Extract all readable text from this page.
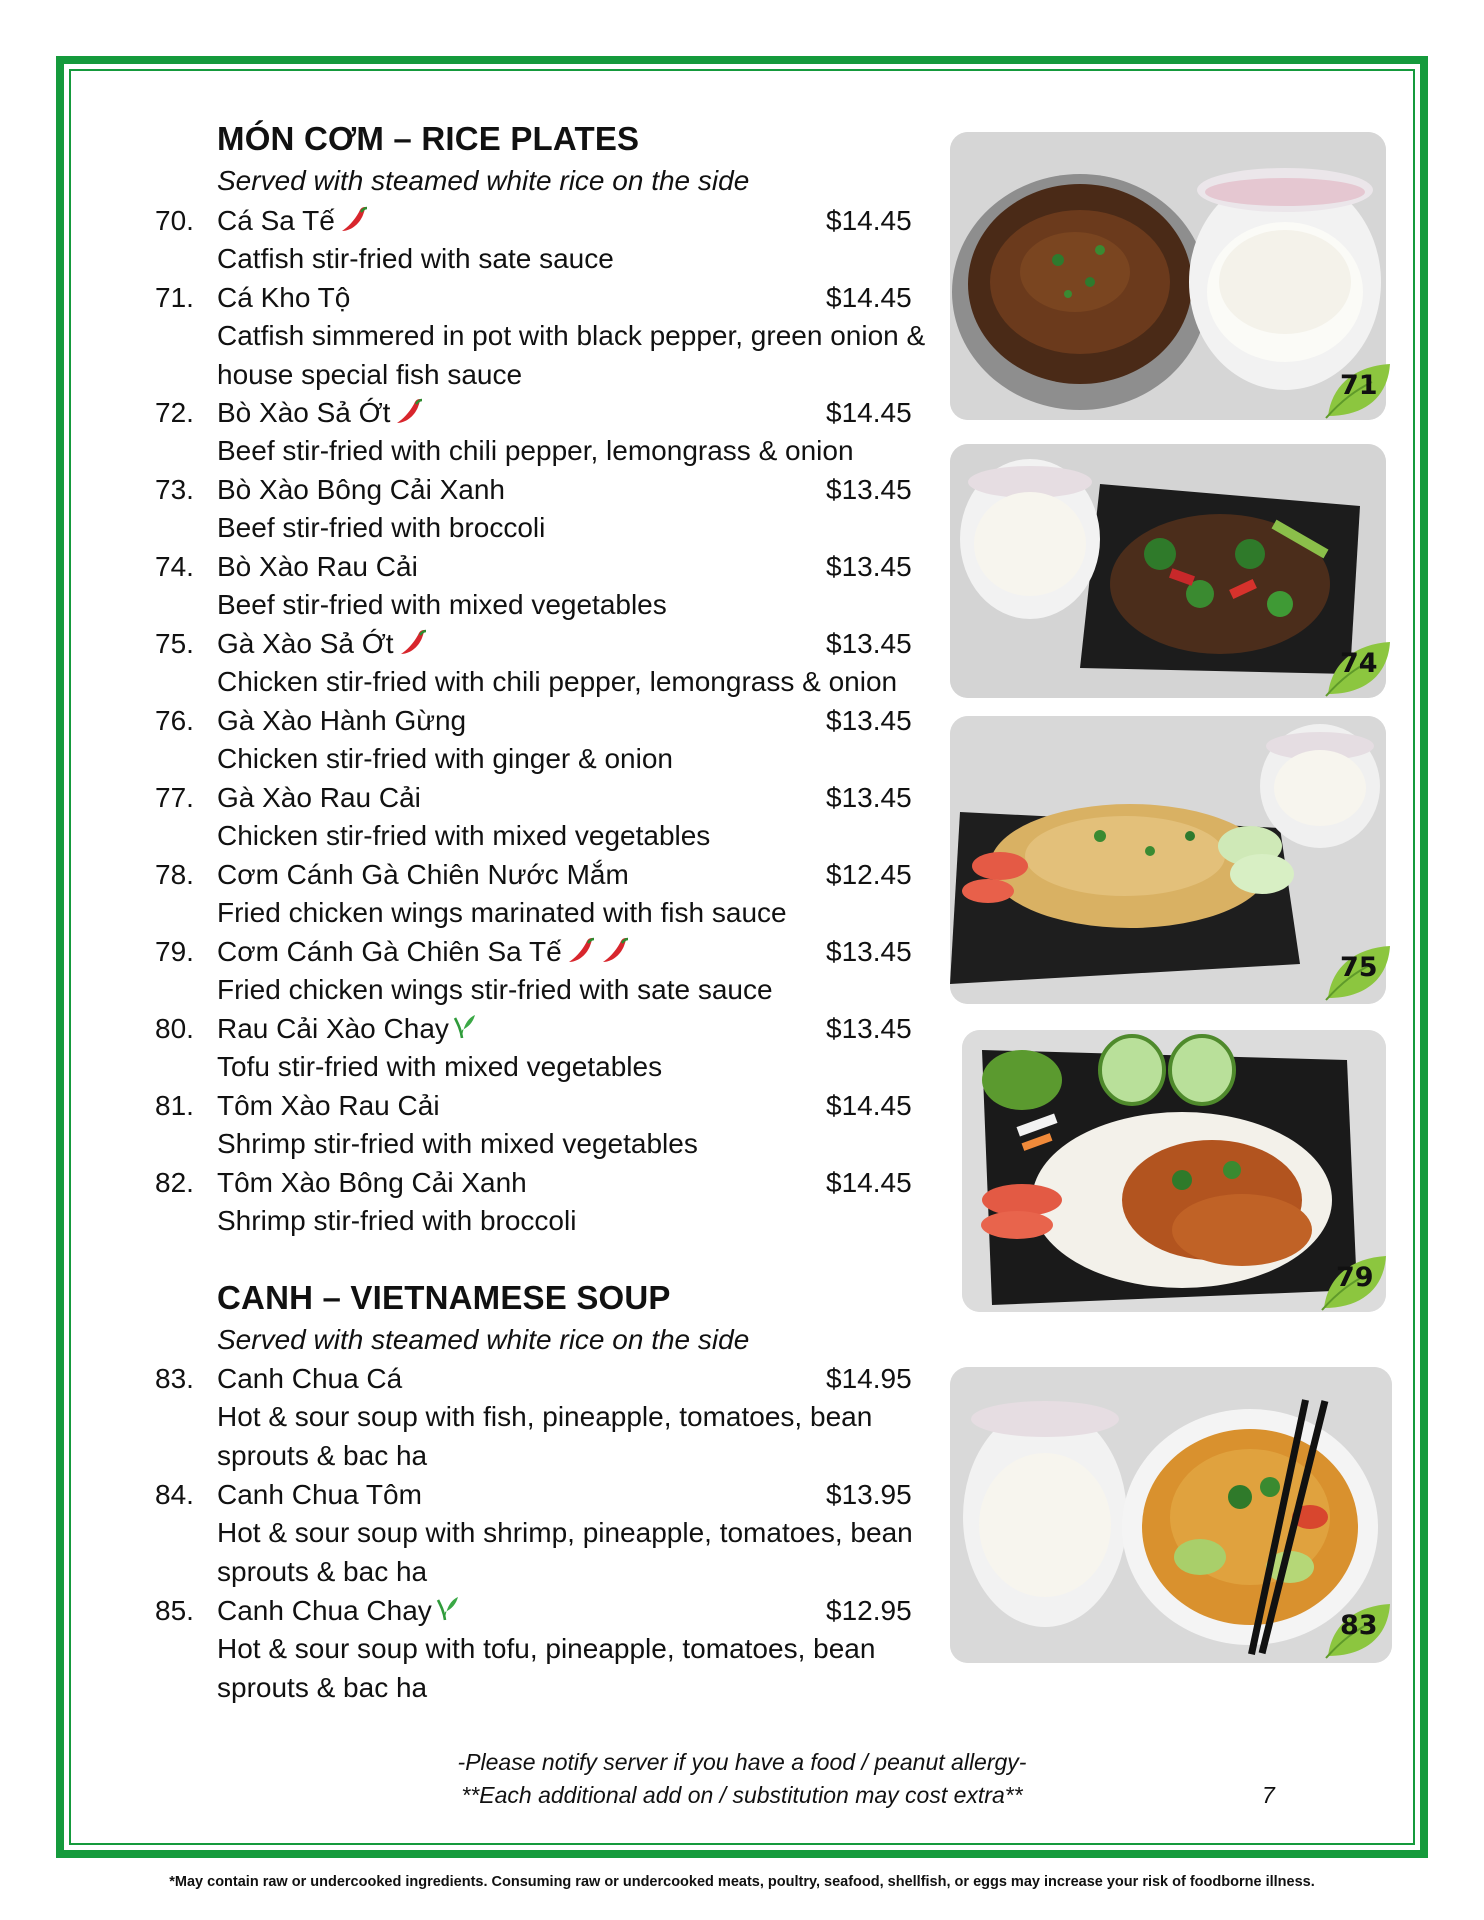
MÓN CƠM – RICE PLATES
Served with steamed white rice on the side
70. Cá Sa Tế	$14.45
Catfish stir-fried with sate sauce
71. Cá Kho Tộ	$14.45
Catfish simmered in pot with black pepper, green onion & house special fish sauce
72. Bò Xào Sả Ớt	$14.45
Beef stir-fried with chili pepper, lemongrass & onion
73. Bò Xào Bông Cải Xanh	$13.45
Beef stir-fried with broccoli
74. Bò Xào Rau Cải	$13.45
Beef stir-fried with mixed vegetables
75. Gà Xào Sả Ớt	$13.45
Chicken stir-fried with chili pepper, lemongrass & onion
76. Gà Xào Hành Gừng	$13.45
Chicken stir-fried with ginger & onion
77. Gà Xào Rau Cải	$13.45
Chicken stir-fried with mixed vegetables
78. Cơm Cánh Gà Chiên Nước Mắm	$12.45
Fried chicken wings marinated with fish sauce
79. Cơm Cánh Gà Chiên Sa Tế	$13.45
Fried chicken wings stir-fried with sate sauce
80. Rau Cải Xào Chay	$13.45
Tofu stir-fried with mixed vegetables
81. Tôm Xào Rau Cải	$14.45
Shrimp stir-fried with mixed vegetables
82. Tôm Xào Bông Cải Xanh	$14.45
Shrimp stir-fried with broccoli
CANH – VIETNAMESE SOUP
Served with steamed white rice on the side
83. Canh Chua Cá	$14.95
Hot & sour soup with fish, pineapple, tomatoes, bean sprouts & bac ha
84. Canh Chua Tôm	$13.95
Hot & sour soup with shrimp, pineapple, tomatoes, bean sprouts & bac ha
85. Canh Chua Chay	$12.95
Hot & sour soup with tofu, pineapple, tomatoes, bean sprouts & bac ha
71
74
75
79
83
-Please notify server if you have a food / peanut allergy-
**Each additional add on / substitution may cost extra**	7
*May contain raw or undercooked ingredients. Consuming raw or undercooked meats, poultry, seafood, shellfish, or eggs may increase your risk of foodborne illness.
